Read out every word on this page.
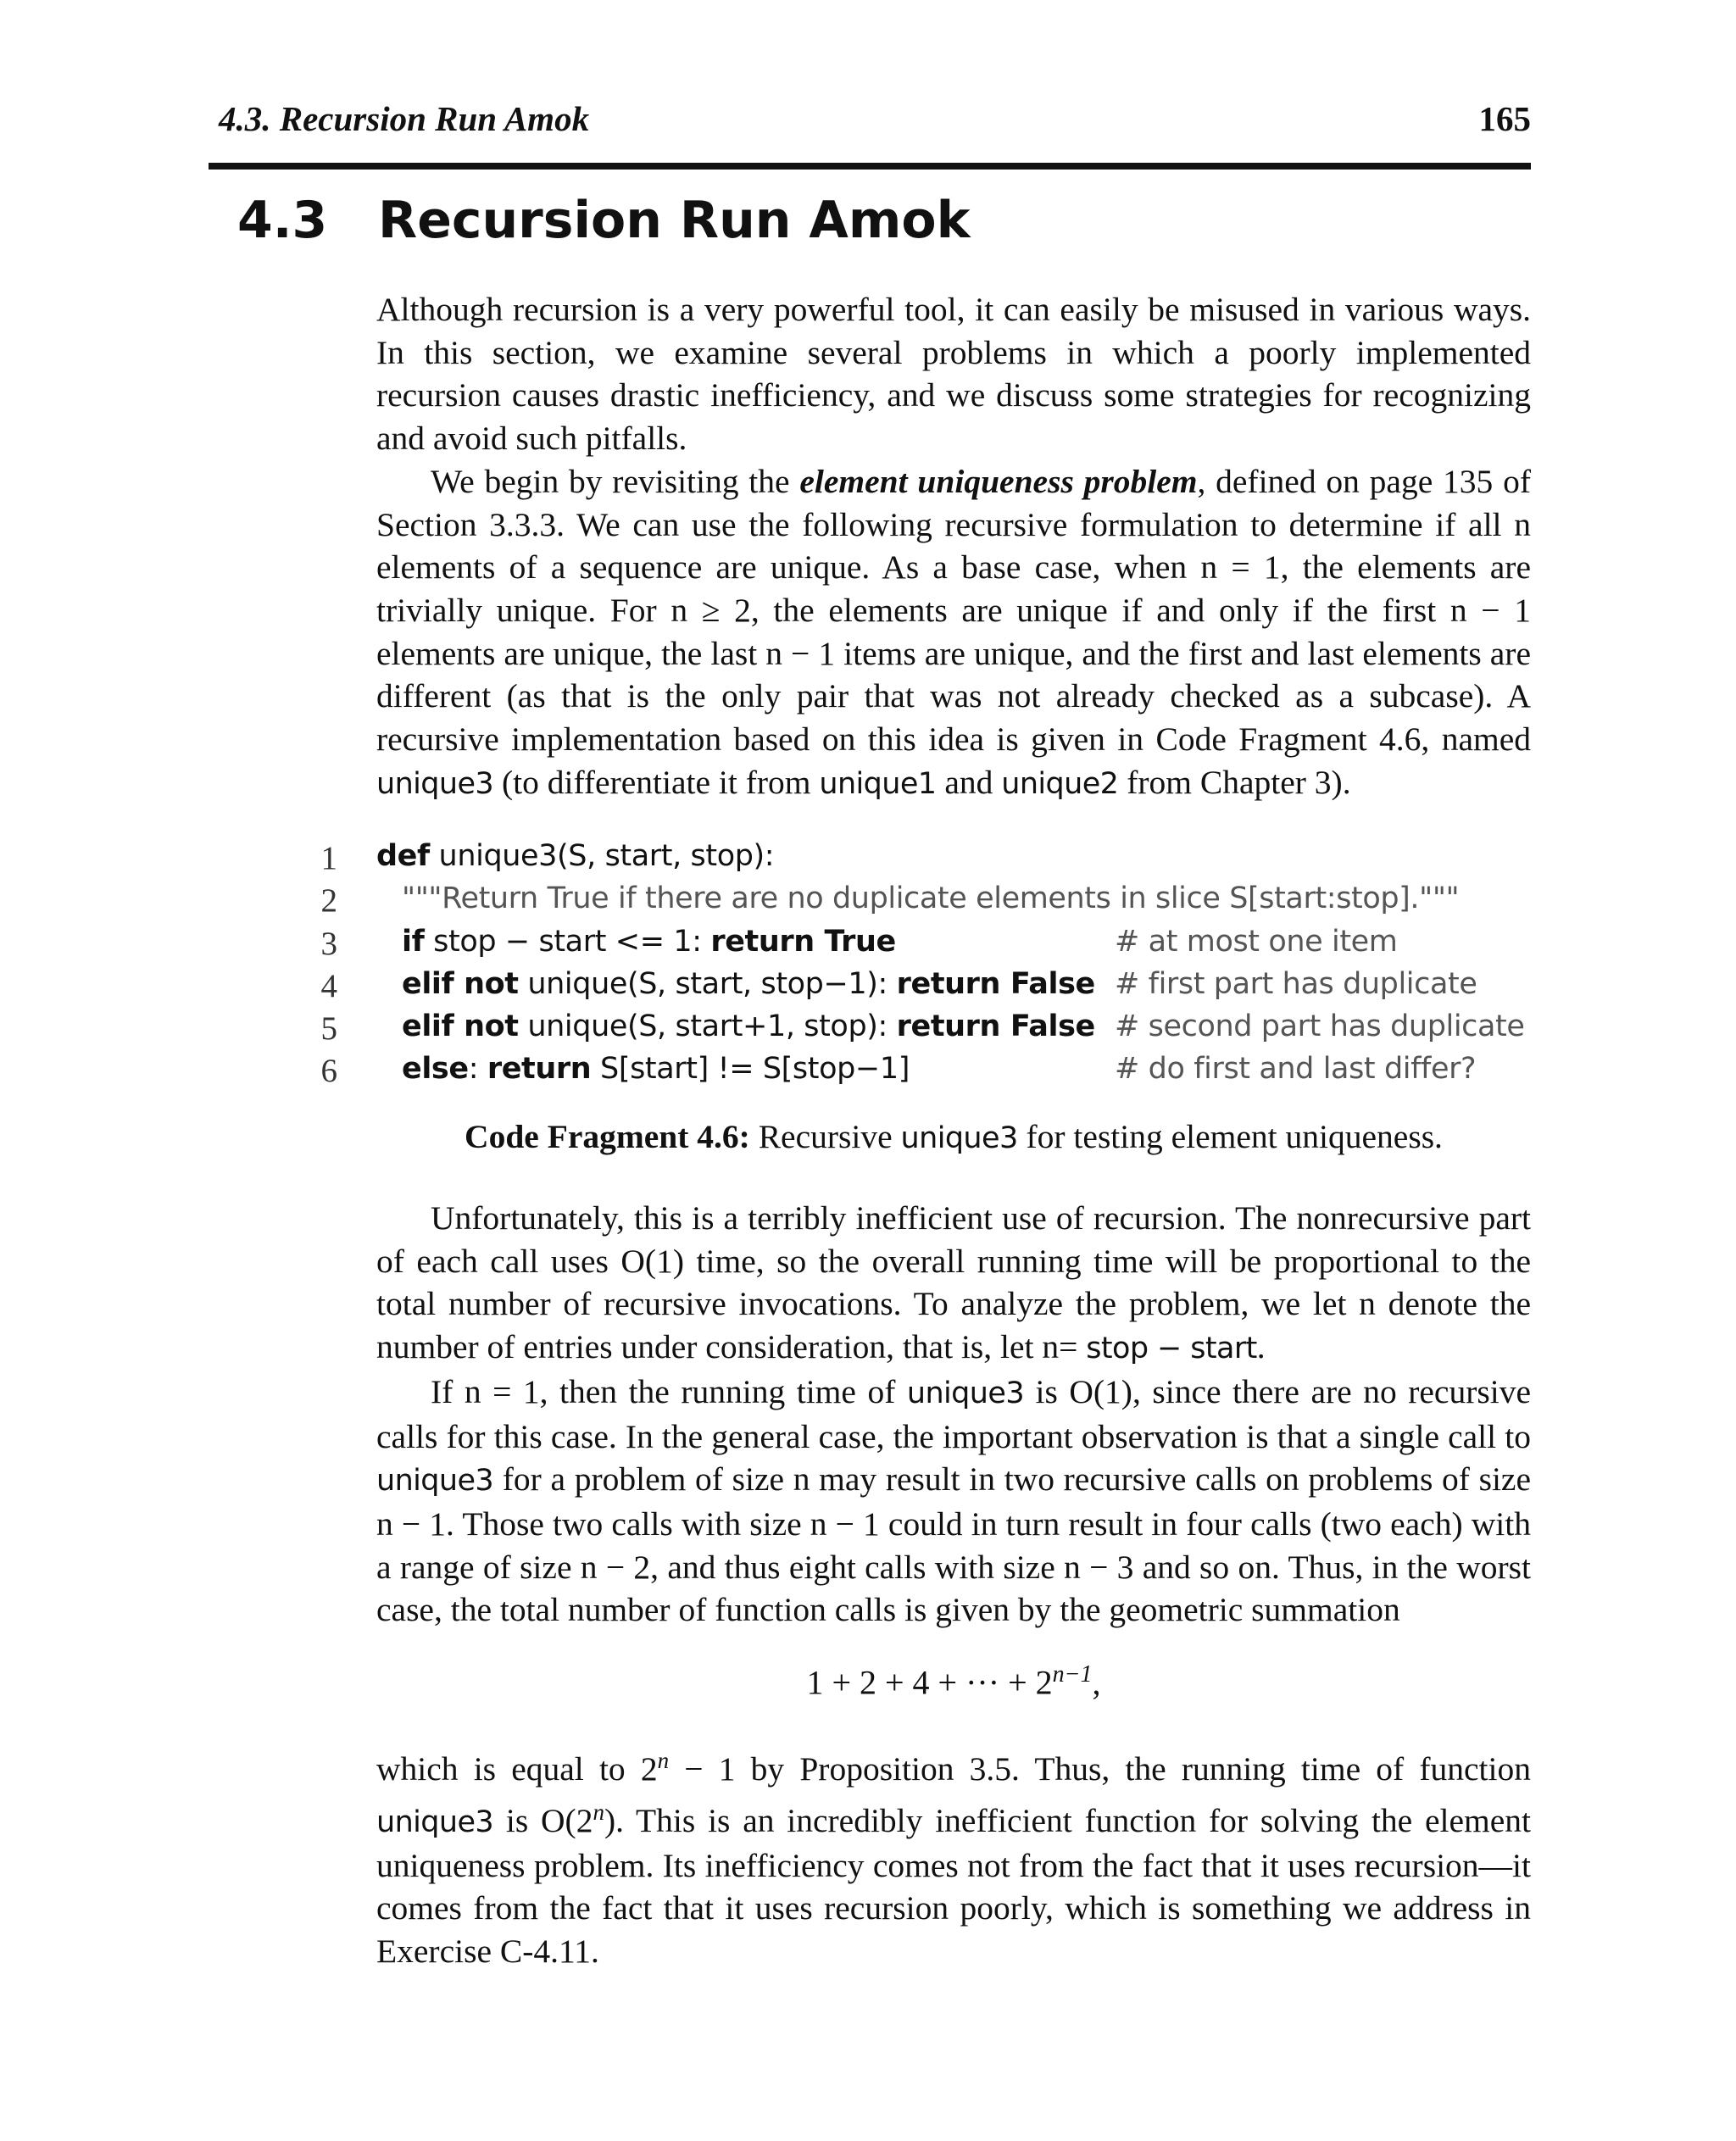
4.3. Recursion Run Amok	165
4.3 Recursion Run Amok

Although recursion is a very powerful tool, it can easily be misused in various ways. In this section, we examine several problems in which a poorly implemented recursion causes drastic inefficiency, and we discuss some strategies for recognizing and avoid such pitfalls.

We begin by revisiting the element uniqueness problem, defined on page 135 of Section 3.3.3. We can use the following recursive formulation to determine if all n elements of a sequence are unique. As a base case, when n = 1, the elements are trivially unique. For n ≥ 2, the elements are unique if and only if the first n − 1 elements are unique, the last n − 1 items are unique, and the first and last elements are different (as that is the only pair that was not already checked as a subcase). A recursive implementation based on this idea is given in Code Fragment 4.6, named unique3 (to differentiate it from unique1 and unique2 from Chapter 3).

1 def unique3(S, start, stop):
2 """Return True if there are no duplicate elements in slice S[start:stop]."""
3 if stop − start <= 1: return True	# at most one item
4 elif not unique(S, start, stop−1): return False # first part has duplicate
5 elif not unique(S, start+1, stop): return False # second part has duplicate
6 else: return S[start] != S[stop−1]	# do first and last differ?
Code Fragment 4.6: Recursive unique3 for testing element uniqueness.

Unfortunately, this is a terribly inefficient use of recursion. The nonrecursive part of each call uses O(1) time, so the overall running time will be proportional to the total number of recursive invocations. To analyze the problem, we let n denote the number of entries under consideration, that is, let n= stop − start.

If n = 1, then the running time of unique3 is O(1), since there are no recursive calls for this case. In the general case, the important observation is that a single call to unique3 for a problem of size n may result in two recursive calls on problems of size n − 1. Those two calls with size n − 1 could in turn result in four calls (two each) with a range of size n − 2, and thus eight calls with size n − 3 and so on. Thus, in the worst case, the total number of function calls is given by the geometric summation

1 + 2 + 4 + ··· + $2^{n-1}$,

which is equal to $2^n - 1$ by Proposition 3.5. Thus, the running time of function unique3 is O(2$^n$). This is an incredibly inefficient function for solving the element uniqueness problem. Its inefficiency comes not from the fact that it uses recursion—it comes from the fact that it uses recursion poorly, which is something we address in Exercise C-4.11.
